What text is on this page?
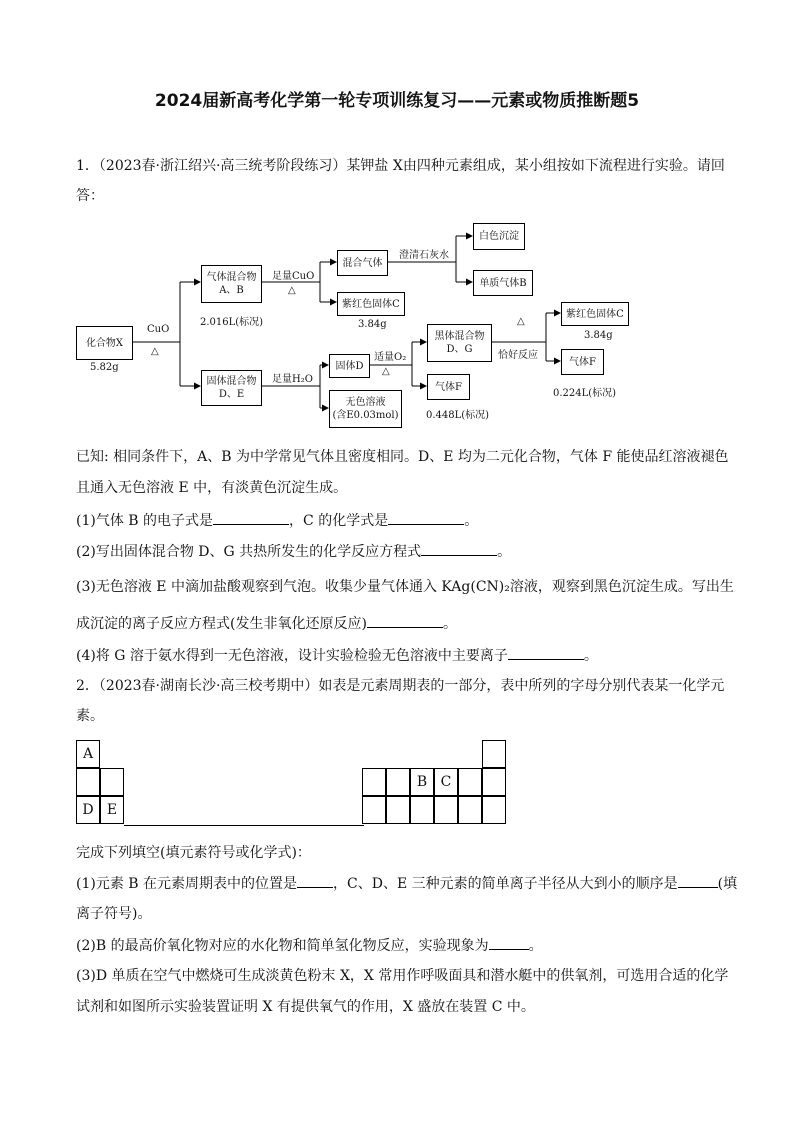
2024届新高考化学第一轮专项训练复习——元素或物质推断题5
1．（2023春·浙江绍兴·高三统考阶段练习）某钾盐 X由四种元素组成，某小组按如下流程进行实验。请回
答：
化合物X
5.82g
CuO
△
气体混合物
A、B
2.016L(标况)
足量CuO
△
混合气体
澄清石灰水
白色沉淀
单质气体B
紫红色固体C
3.84g
固体混合物
D、E
足量H₂O
固体D
无色溶液
(含E0.03mol)
适量O₂
△
黑体混合物
D、G
气体F
0.448L(标况)
恰好反应
△
紫红色固体C
3.84g
气体F
0.224L(标况)
已知: 相同条件下，A、B 为中学常见气体且密度相同。D、E 均为二元化合物，气体 F 能使品红溶液褪色
且通入无色溶液 E 中，有淡黄色沉淀生成。
(1)气体 B 的电子式是	，C 的化学式是	。
(2)写出固体混合物 D、G 共热所发生的化学反应方程式	。
(3)无色溶液 E 中滴加盐酸观察到气泡。收集少量气体通入 KAg(CN)₂溶液，观察到黑色沉淀生成。写出生
成沉淀的离子反应方程式(发生非氧化还原反应)	。
(4)将 G 溶于氨水得到一无色溶液，设计实验检验无色溶液中主要离子	。
2．（2023春·湖南长沙·高三校考期中）如表是元素周期表的一部分，表中所列的字母分别代表某一化学元
素。
A
D E
B C
完成下列填空(填元素符号或化学式)：
(1)元素 B 在元素周期表中的位置是	，C、D、E 三种元素的简单离子半径从大到小的顺序是	(填
离子符号)。
(2)B 的最高价氧化物对应的水化物和简单氢化物反应，实验现象为	。
(3)D 单质在空气中燃烧可生成淡黄色粉末 X，X 常用作呼吸面具和潜水艇中的供氧剂，可选用合适的化学
试剂和如图所示实验装置证明 X 有提供氧气的作用，X 盛放在装置 C 中。
